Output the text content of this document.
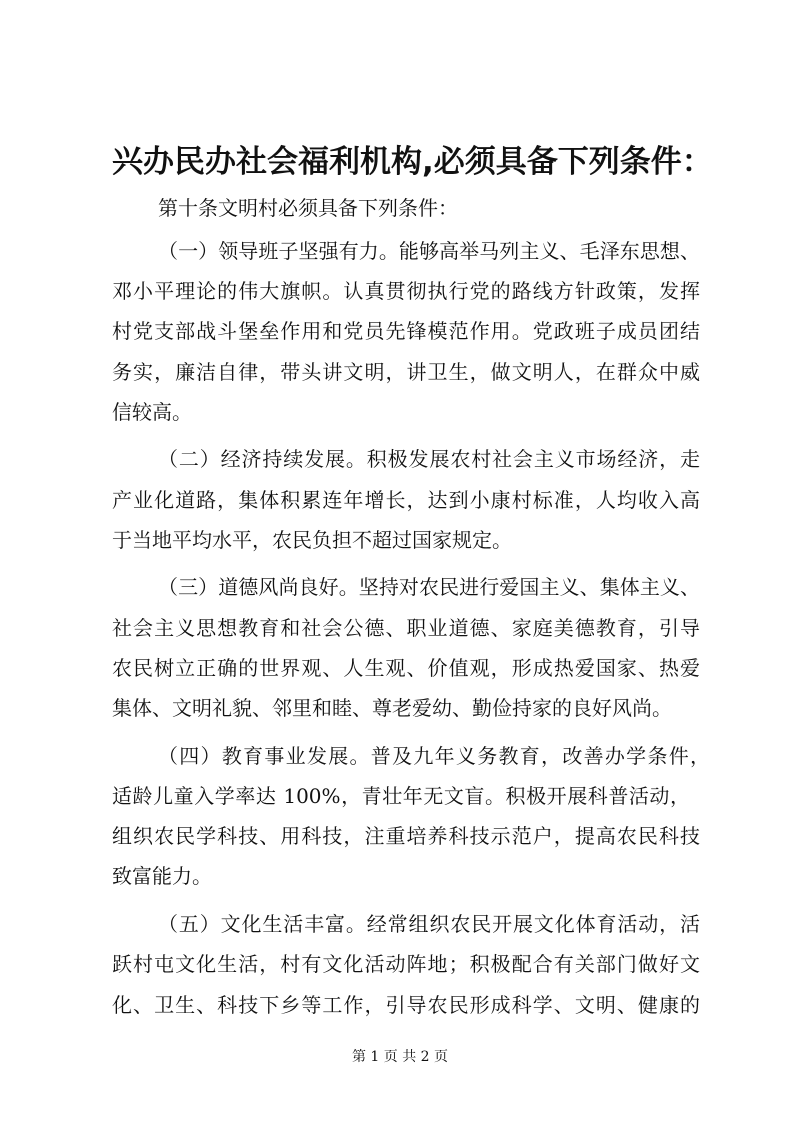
兴办民办社会福利机构,必须具备下列条件：
第十条文明村必须具备下列条件：
（一）领导班子坚强有力。能够高举马列主义、毛泽东思想、
邓小平理论的伟大旗帜。认真贯彻执行党的路线方针政策，发挥
村党支部战斗堡垒作用和党员先锋模范作用。党政班子成员团结
务实，廉洁自律，带头讲文明，讲卫生，做文明人，在群众中威
信较高。
（二）经济持续发展。积极发展农村社会主义市场经济，走
产业化道路，集体积累连年增长，达到小康村标准，人均收入高
于当地平均水平，农民负担不超过国家规定。
（三）道德风尚良好。坚持对农民进行爱国主义、集体主义、
社会主义思想教育和社会公德、职业道德、家庭美德教育，引导
农民树立正确的世界观、人生观、价值观，形成热爱国家、热爱
集体、文明礼貌、邻里和睦、尊老爱幼、勤俭持家的良好风尚。
（四）教育事业发展。普及九年义务教育，改善办学条件，
适龄儿童入学率达 100%，青壮年无文盲。积极开展科普活动，
组织农民学科技、用科技，注重培养科技示范户，提高农民科技
致富能力。
（五）文化生活丰富。经常组织农民开展文化体育活动，活
跃村屯文化生活，村有文化活动阵地；积极配合有关部门做好文
化、卫生、科技下乡等工作，引导农民形成科学、文明、健康的
第 1 页 共 2 页
